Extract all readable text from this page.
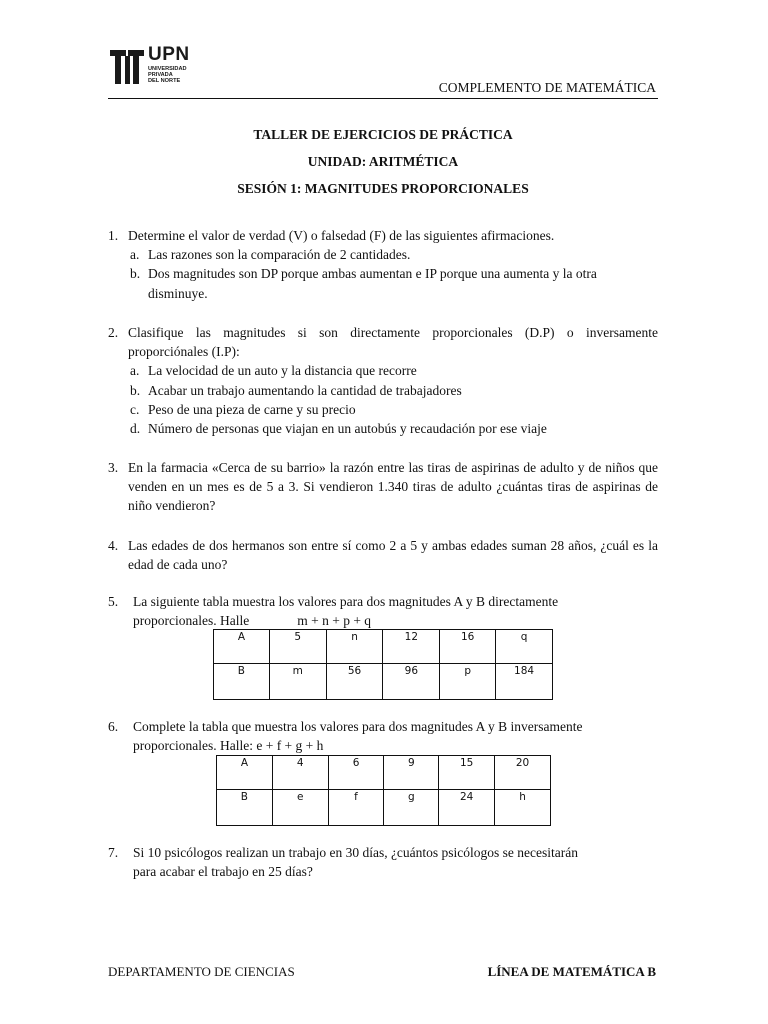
UPN
UNIVERSIDAD
PRIVADA
DEL NORTE	COMPLEMENTO DE MATEMÁTICA
TALLER DE EJERCICIOS DE PRÁCTICA
UNIDAD: ARITMÉTICA
SESIÓN 1: MAGNITUDES PROPORCIONALES
1. Determine el valor de verdad (V) o falsedad (F) de las siguientes afirmaciones.
a. Las razones son la comparación de 2 cantidades.
b. Dos magnitudes son DP porque ambas aumentan e IP porque una aumenta y la otra disminuye.
2. Clasifique las magnitudes si son directamente proporcionales (D.P) o inversamente proporciónales (I.P):
a. La velocidad de un auto y la distancia que recorre
b. Acabar un trabajo aumentando la cantidad de trabajadores
c. Peso de una pieza de carne y su precio
d. Número de personas que viajan en un autobús y recaudación por ese viaje
3. En la farmacia «Cerca de su barrio» la razón entre las tiras de aspirinas de adulto y de niños que venden en un mes es de 5 a 3. Si vendieron 1.340 tiras de adulto ¿cuántas tiras de aspirinas de niño vendieron?
4. Las edades de dos hermanos son entre sí como 2 a 5 y ambas edades suman 28 años, ¿cuál es la edad de cada uno?
5. La siguiente tabla muestra los valores para dos magnitudes A y B directamente
proporcionales. Halle	m + n + p + q
A	5	n	12	16	q
B	m	56	96	p	184
6. Complete la tabla que muestra los valores para dos magnitudes A y B inversamente
proporcionales. Halle: e + f + g + h
A	4	6	9	15	20
B	e	f	g	24	h
7. Si 10 psicólogos realizan un trabajo en 30 días, ¿cuántos psicólogos se necesitarán
para acabar el trabajo en 25 días?
DEPARTAMENTO DE CIENCIAS	LÍNEA DE MATEMÁTICA B
